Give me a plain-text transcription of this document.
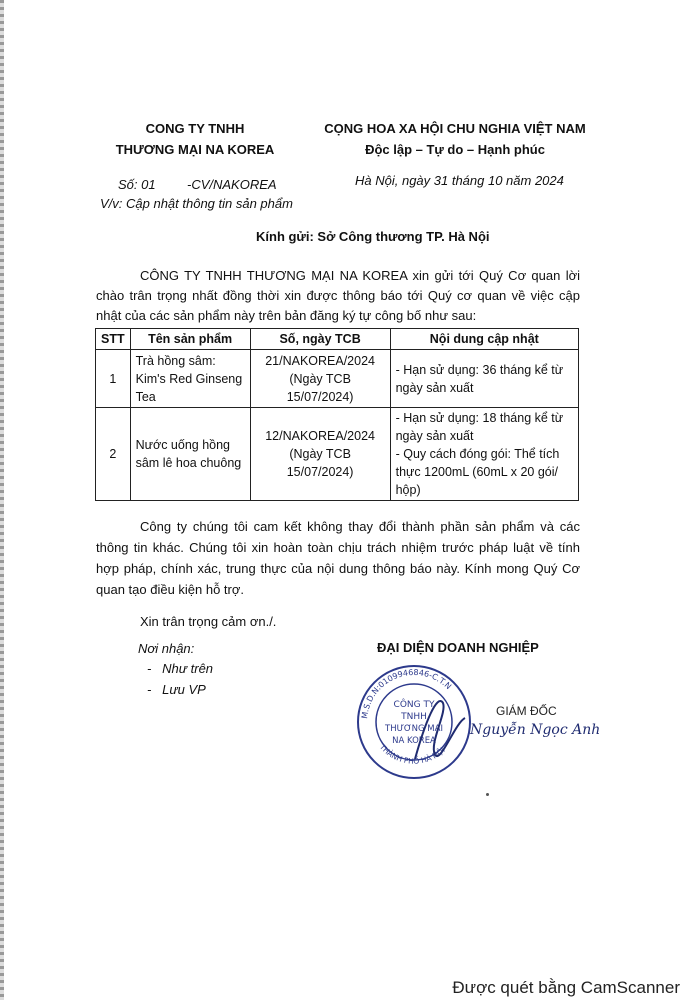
CONG TY TNHH
THƯƠNG MẠI NA KOREA
CỌNG HOA XA HỘI CHU NGHIA VIỆT NAM
Độc lập – Tự do – Hạnh phúc
Số: 01 -CV/NAKOREA
V/v: Cập nhật thông tin sản phẩm
Hà Nội, ngày 31 tháng 10 năm 2024
Kính gửi: Sở Công thương TP. Hà Nội

CÔNG TY TNHH THƯƠNG MẠI NA KOREA xin gửi tới Quý Cơ quan lời chào trân trọng nhất đồng thời xin được thông báo tới Quý cơ quan về việc cập nhật của các sản phẩm này trên bản đăng ký tự công bố như sau:

STT	Tên sản phẩm	Số, ngày TCB	Nội dung cập nhật
1	Trà hồng sâm: Kim's Red Ginseng Tea	21/NAKOREA/2024 (Ngày TCB 15/07/2024)	- Hạn sử dụng: 36 tháng kể từ ngày sản xuất

2	Nước uống hồng sâm lê hoa chuông	12/NAKOREA/2024 (Ngày TCB 15/07/2024)	- Hạn sử dụng: 18 tháng kể từ ngày sản xuất
- Quy cách đóng gói: Thể tích thực 1200mL (60mL x 20 gói/ hộp)

Công ty chúng tôi cam kết không thay đổi thành phần sản phẩm và các thông tin khác. Chúng tôi xin hoàn toàn chịu trách nhiệm trước pháp luật về tính hợp pháp, chính xác, trung thực của nội dung thông báo này. Kính mong Quý Cơ quan tạo điều kiện hỗ trợ.

Xin trân trọng cảm ơn./.
Nơi nhận:
-   Như trên
-   Lưu VP
ĐẠI DIỆN DOANH NGHIỆP
M.S.D.N:0109946846-C.T.N
THÀNH PHỐ HÀ NỘI
CÔNG TY
TNHH
THƯƠNG MẠI
NA KOREA
GIÁM ĐỐC
Nguyễn Ngọc Anh
Được quét bằng CamScanner
